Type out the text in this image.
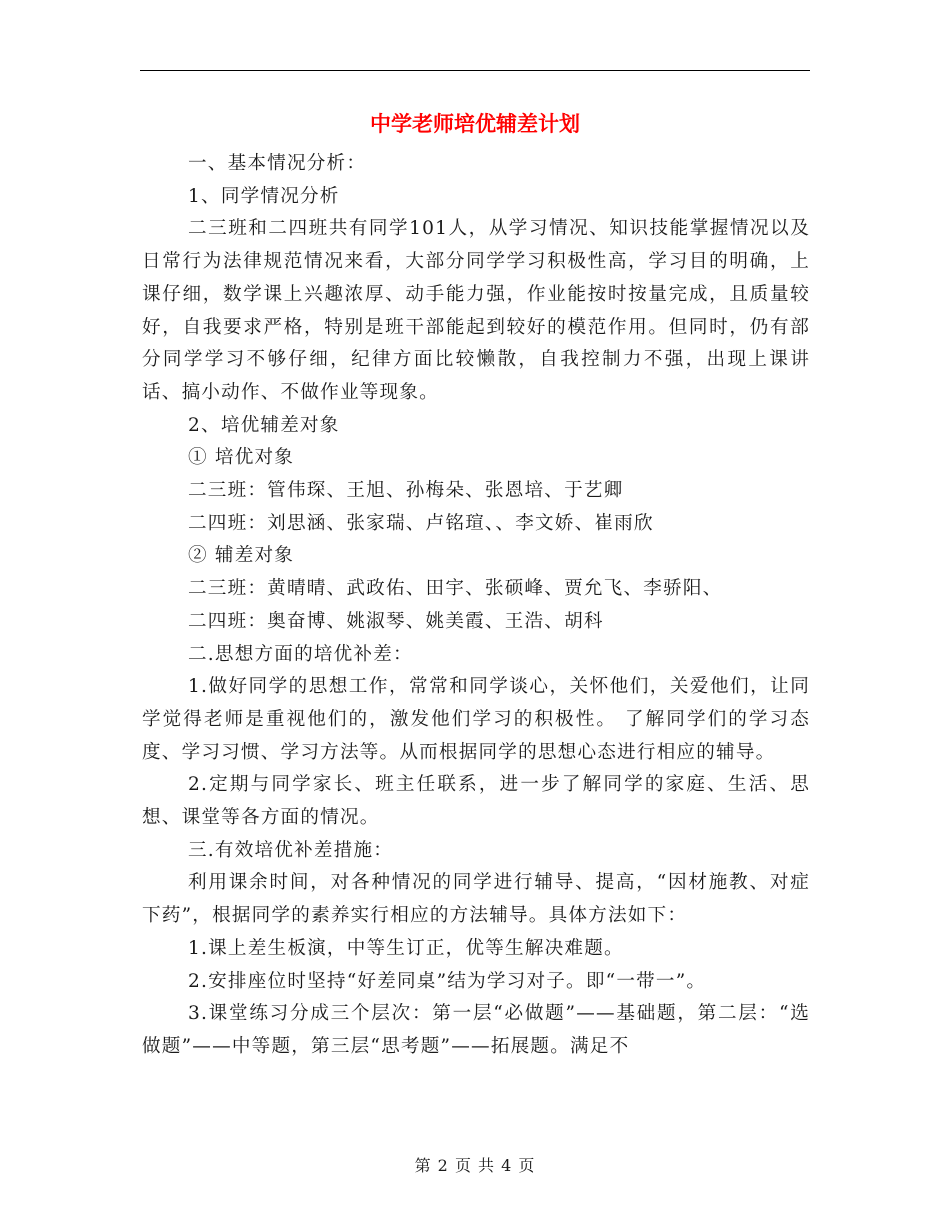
中学老师培优辅差计划

一、基本情况分析：

1、同学情况分析

二三班和二四班共有同学101人，从学习情况、知识技能掌握情况以及日常行为法律规范情况来看，大部分同学学习积极性高，学习目的明确，上课仔细，数学课上兴趣浓厚、动手能力强，作业能按时按量完成，且质量较好，自我要求严格，特别是班干部能起到较好的模范作用。但同时，仍有部分同学学习不够仔细，纪律方面比较懒散，自我控制力不强，出现上课讲话、搞小动作、不做作业等现象。

2、培优辅差对象

① 培优对象

二三班：管伟琛、王旭、孙梅朵、张恩培、于艺卿

二四班：刘思涵、张家瑞、卢铭瑄、、李文娇、崔雨欣

② 辅差对象

二三班：黄晴晴、武政佑、田宇、张硕峰、贾允飞、李骄阳、

二四班：奥奋博、姚淑琴、姚美霞、王浩、胡科

二.思想方面的培优补差：

1.做好同学的思想工作，常常和同学谈心，关怀他们，关爱他们，让同学觉得老师是重视他们的，激发他们学习的积极性。 了解同学们的学习态度、学习习惯、学习方法等。从而根据同学的思想心态进行相应的辅导。

2.定期与同学家长、班主任联系，进一步了解同学的家庭、生活、思想、课堂等各方面的情况。

三.有效培优补差措施：

利用课余时间，对各种情况的同学进行辅导、提高，“因材施教、对症下药”，根据同学的素养实行相应的方法辅导。具体方法如下：

1.课上差生板演，中等生订正，优等生解决难题。

2.安排座位时坚持“好差同桌”结为学习对子。即“一带一”。

3.课堂练习分成三个层次：第一层“必做题”——基础题，第二层：“选做题”——中等题，第三层“思考题”——拓展题。满足不

第 2 页 共 4 页
